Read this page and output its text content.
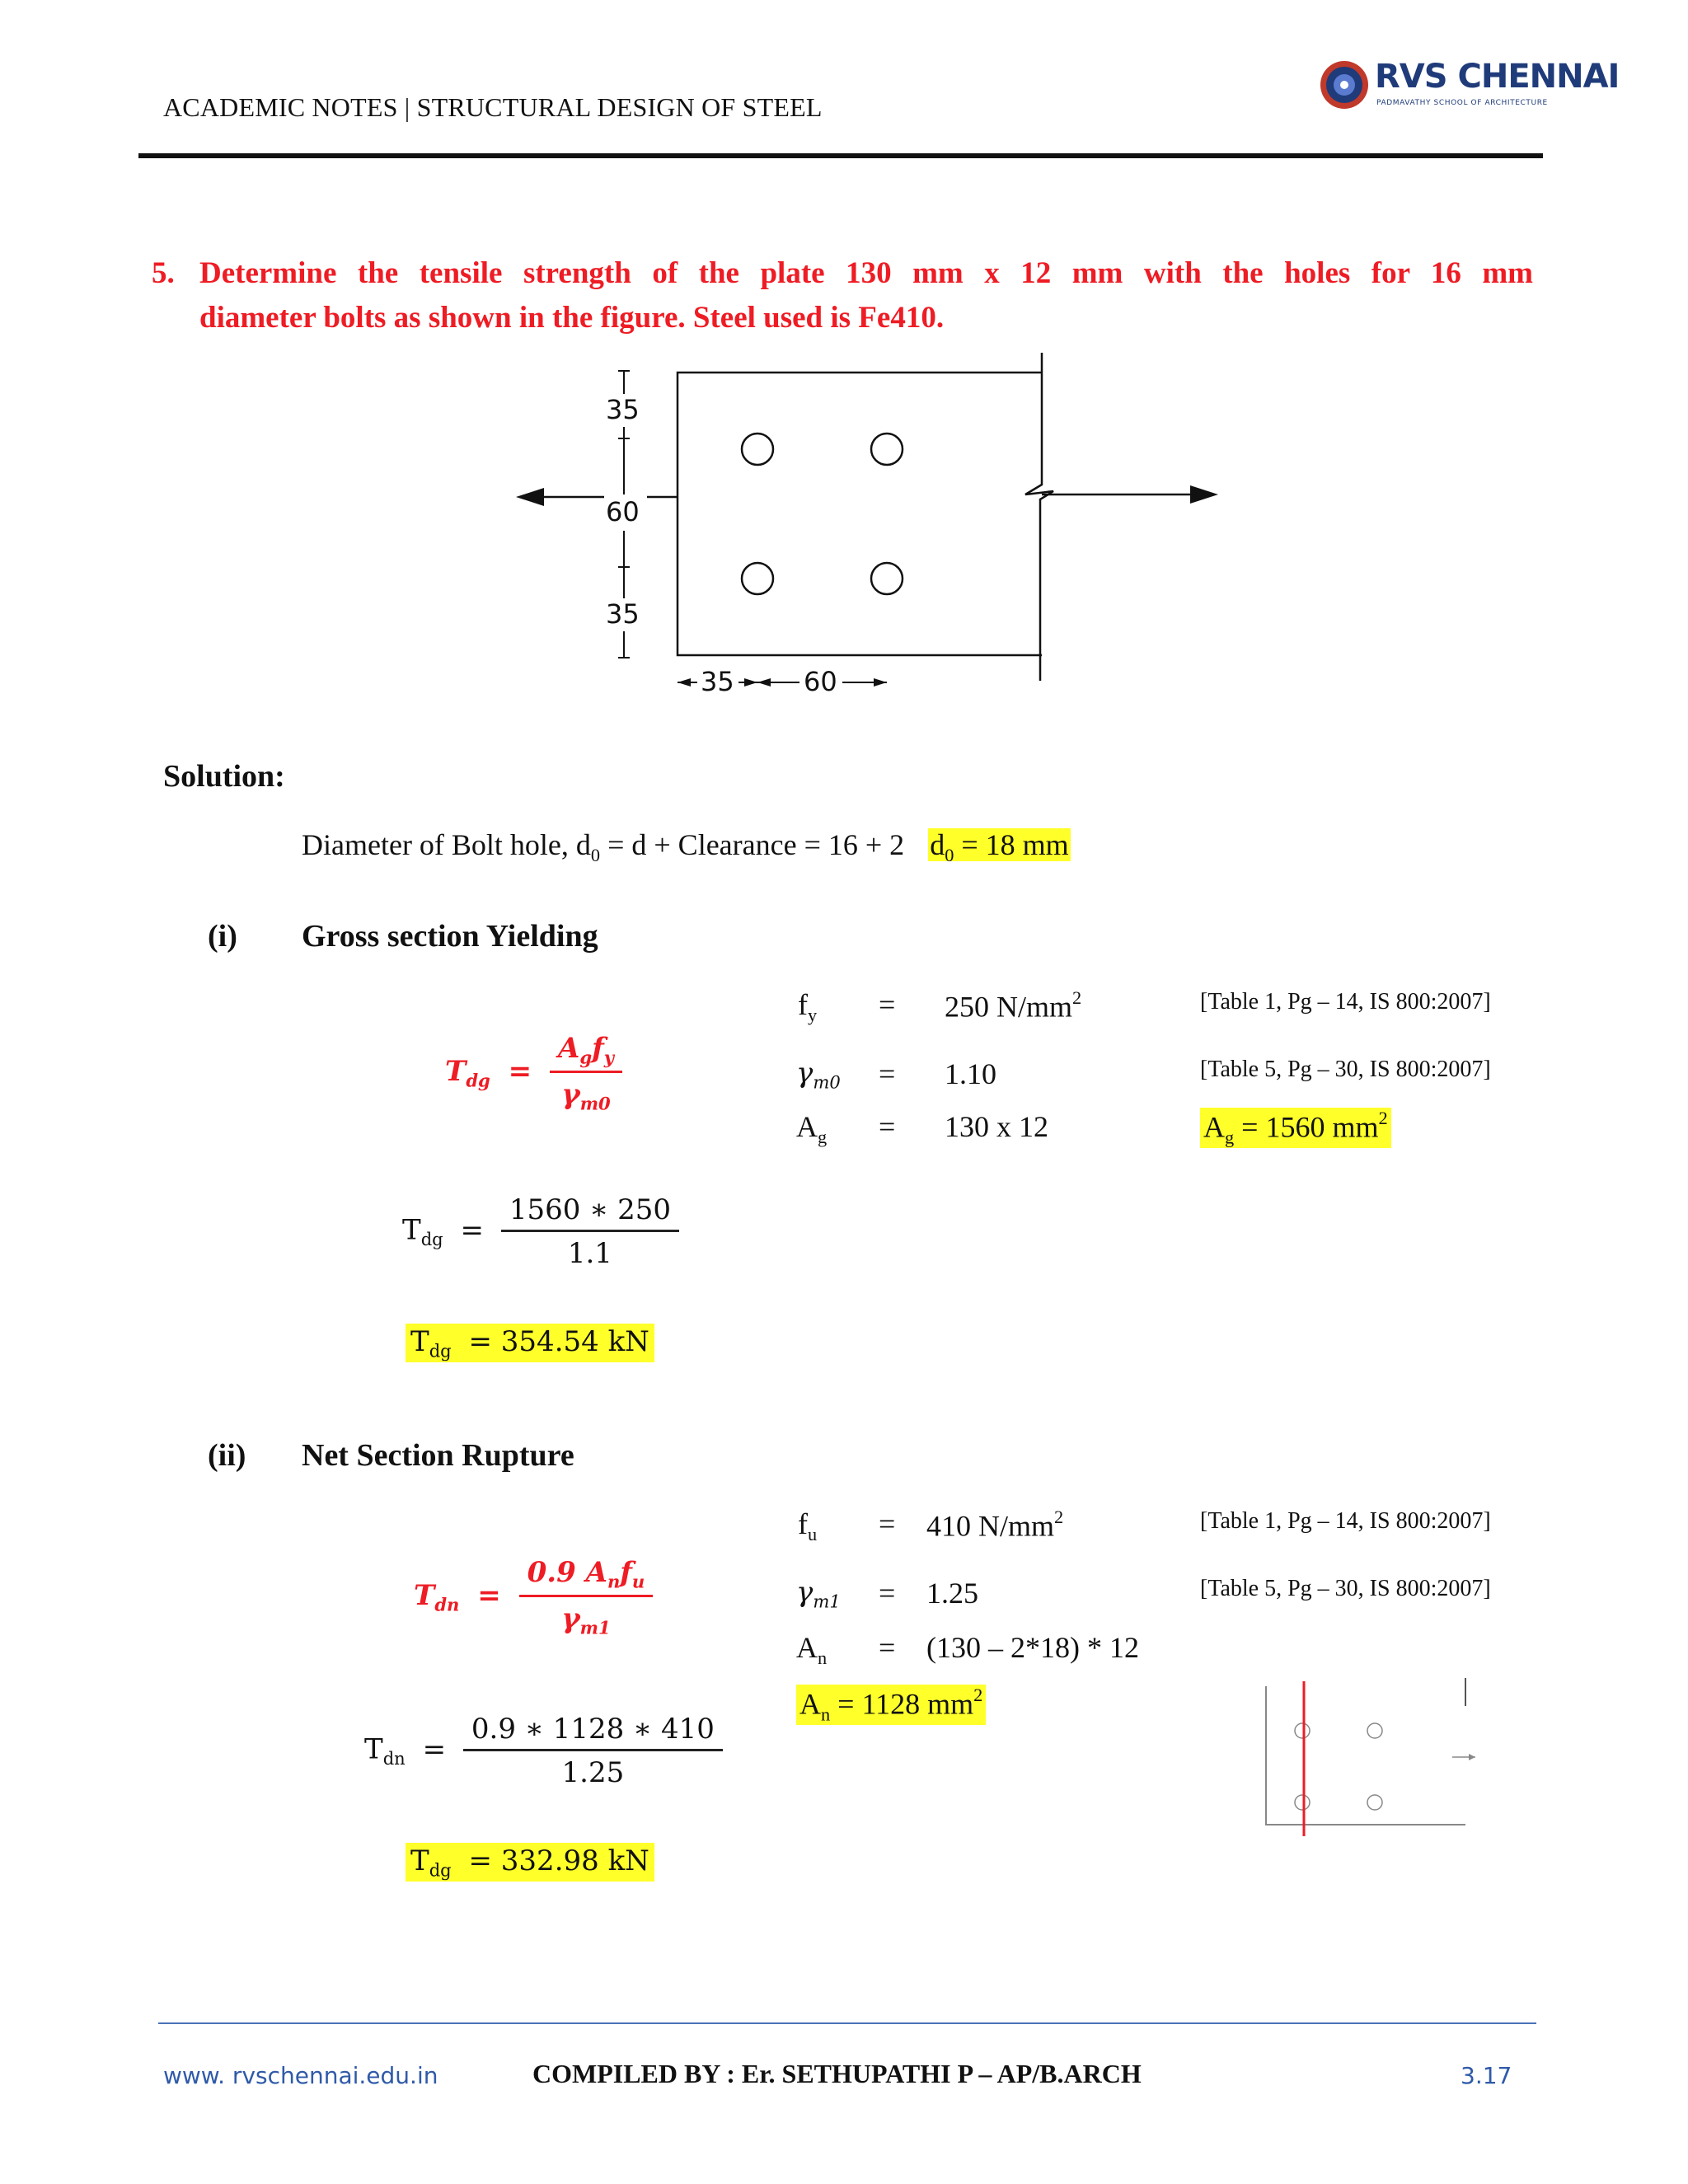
ACADEMIC NOTES | STRUCTURAL DESIGN OF STEEL
RVS CHENNAI
PADMAVATHY SCHOOL OF ARCHITECTURE
5. Determine the tensile strength of the plate 130 mm x 12 mm with the holes for 16 mm
diameter bolts as shown in the figure. Steel used is Fe410.
35
60
35
35	60
Solution:
Diameter of Bolt hole, $d_0 = d$ + Clearance = 16 + 2 $d_0 = 18$ mm
(i) Gross section Yielding
$T_{dg} = \frac{A_gf_y}{\gamma_{m0}}$
$f_y = 250$ $N/mm^2$	[Table 1, Pg – 14, IS 800:2007]
$\gamma_{m0} = 1.10$	[Table 5, Pg – 30, IS 800:2007]
$A_g = 130$ x 12	$A_g = 1560$ $mm^2$
$T_{dg} = \frac{1560 ∗ 250}{1.1}$
$T_{dg} = 354.54$ kN
(ii) Net Section Rupture
$T_{dn} = \frac{0.9 A_nf_u}{\gamma_{m1}}$
$f_u = 410$ $N/mm^2$	[Table 1, Pg – 14, IS 800:2007]
$\gamma_{m1} = 1.25$	[Table 5, Pg – 30, IS 800:2007]
$A_n = (130 - 2*18) * 12$
$A_n = 1128$ $mm^2$
$T_{dn} = \frac{0.9 ∗ 1128 ∗ 410}{1.25}$
$T_{dg} = 332.98$ kN
www. rvschennai.edu.in	COMPILED BY : Er. SETHUPATHI P – AP/B.ARCH	3.17
